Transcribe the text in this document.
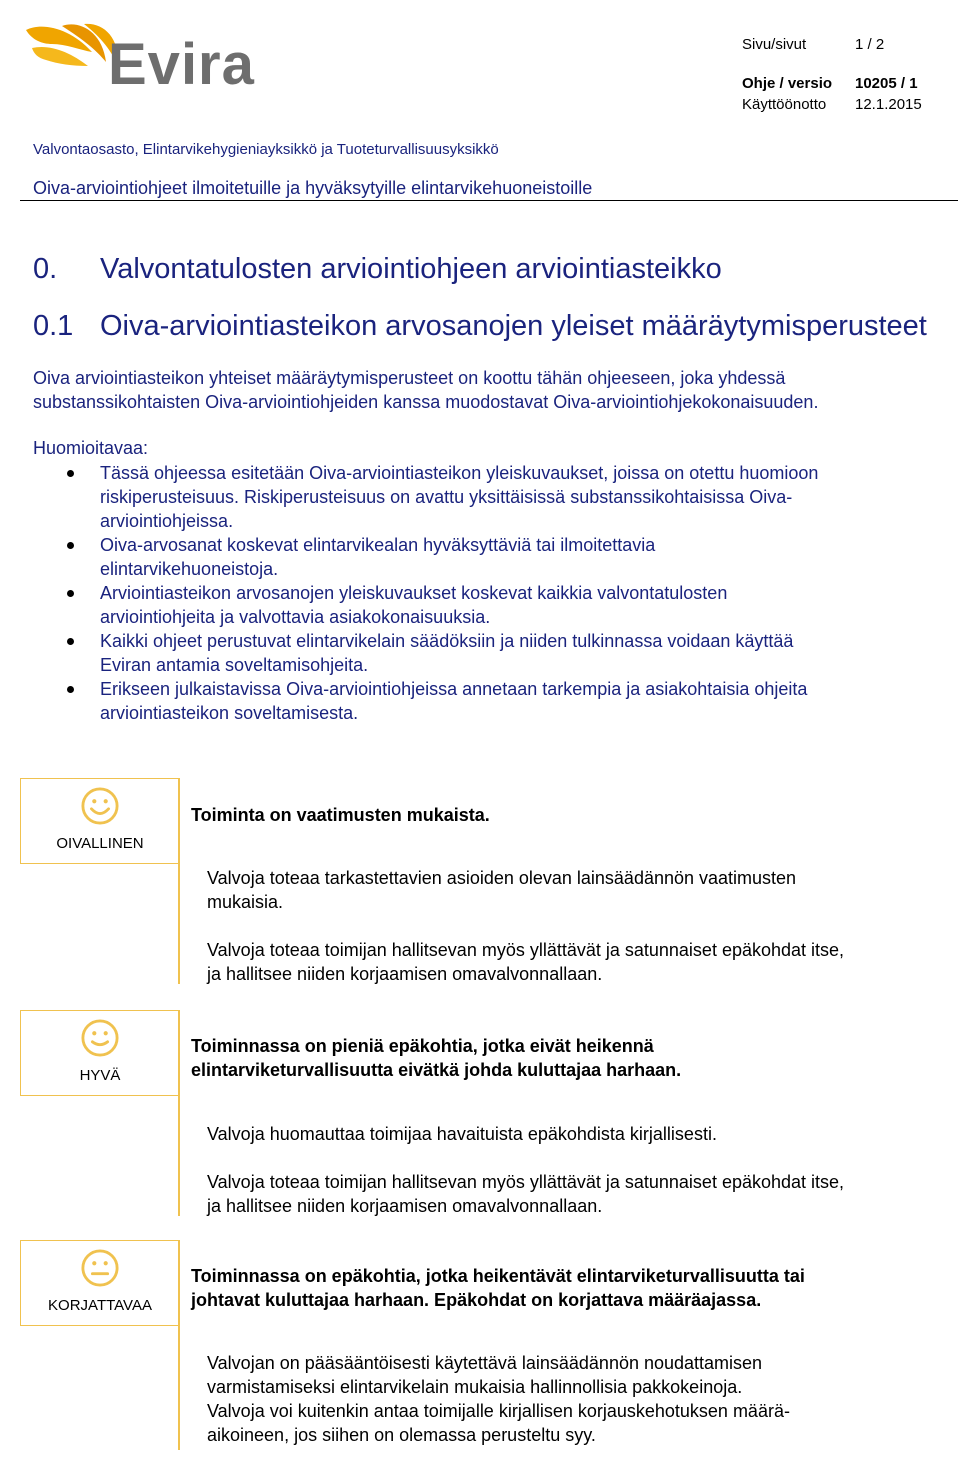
Evira	Sivu/sivut	1 / 2
Ohje / versio 10205 / 1
Käyttöönotto 12.1.2015
Valvontaosasto, Elintarvikehygieniayksikkö ja Tuoteturvallisuusyksikkö
Oiva-arviointiohjeet ilmoitetuille ja hyväksytyille elintarvikehuoneistoille
0. Valvontatulosten arviointiohjeen arviointiasteikko
0.1 Oiva-arviointiasteikon arvosanojen yleiset määräytymisperusteet
Oiva arviointiasteikon yhteiset määräytymisperusteet on koottu tähän ohjeeseen, joka yhdessä
substanssikohtaisten Oiva-arviointiohjeiden kanssa muodostavat Oiva-arviointiohjekokonaisuuden.
Huomioitavaa:
Tässä ohjeessa esitetään Oiva-arviointiasteikon yleiskuvaukset, joissa on otettu huomioon
riskiperusteisuus. Riskiperusteisuus on avattu yksittäisissä substanssikohtaisissa Oiva-
arviointiohjeissa.
Oiva-arvosanat koskevat elintarvikealan hyväksyttäviä tai ilmoitettavia
elintarvikehuoneistoja.
Arviointiasteikon arvosanojen yleiskuvaukset koskevat kaikkia valvontatulosten
arviointiohjeita ja valvottavia asiakokonaisuuksia.
Kaikki ohjeet perustuvat elintarvikelain säädöksiin ja niiden tulkinnassa voidaan käyttää
Eviran antamia soveltamisohjeita.
Erikseen julkaistavissa Oiva-arviointiohjeissa annetaan tarkempia ja asiakohtaisia ohjeita
arviointiasteikon soveltamisesta.
OIVALLINEN
Toiminta on vaatimusten mukaista.
Valvoja toteaa tarkastettavien asioiden olevan lainsäädännön vaatimusten
mukaisia.
Valvoja toteaa toimijan hallitsevan myös yllättävät ja satunnaiset epäkohdat itse,
ja hallitsee niiden korjaamisen omavalvonnallaan.
HYVÄ
Toiminnassa on pieniä epäkohtia, jotka eivät heikennä
elintarviketurvallisuutta eivätkä johda kuluttajaa harhaan.
Valvoja huomauttaa toimijaa havaituista epäkohdista kirjallisesti.
Valvoja toteaa toimijan hallitsevan myös yllättävät ja satunnaiset epäkohdat itse,
ja hallitsee niiden korjaamisen omavalvonnallaan.
KORJATTAVAA
Toiminnassa on epäkohtia, jotka heikentävät elintarviketurvallisuutta tai
johtavat kuluttajaa harhaan. Epäkohdat on korjattava määräajassa.
Valvojan on pääsääntöisesti käytettävä lainsäädännön noudattamisen
varmistamiseksi elintarvikelain mukaisia hallinnollisia pakkokeinoja.
Valvoja voi kuitenkin antaa toimijalle kirjallisen korjauskehotuksen määrä-
aikoineen, jos siihen on olemassa perusteltu syy.
